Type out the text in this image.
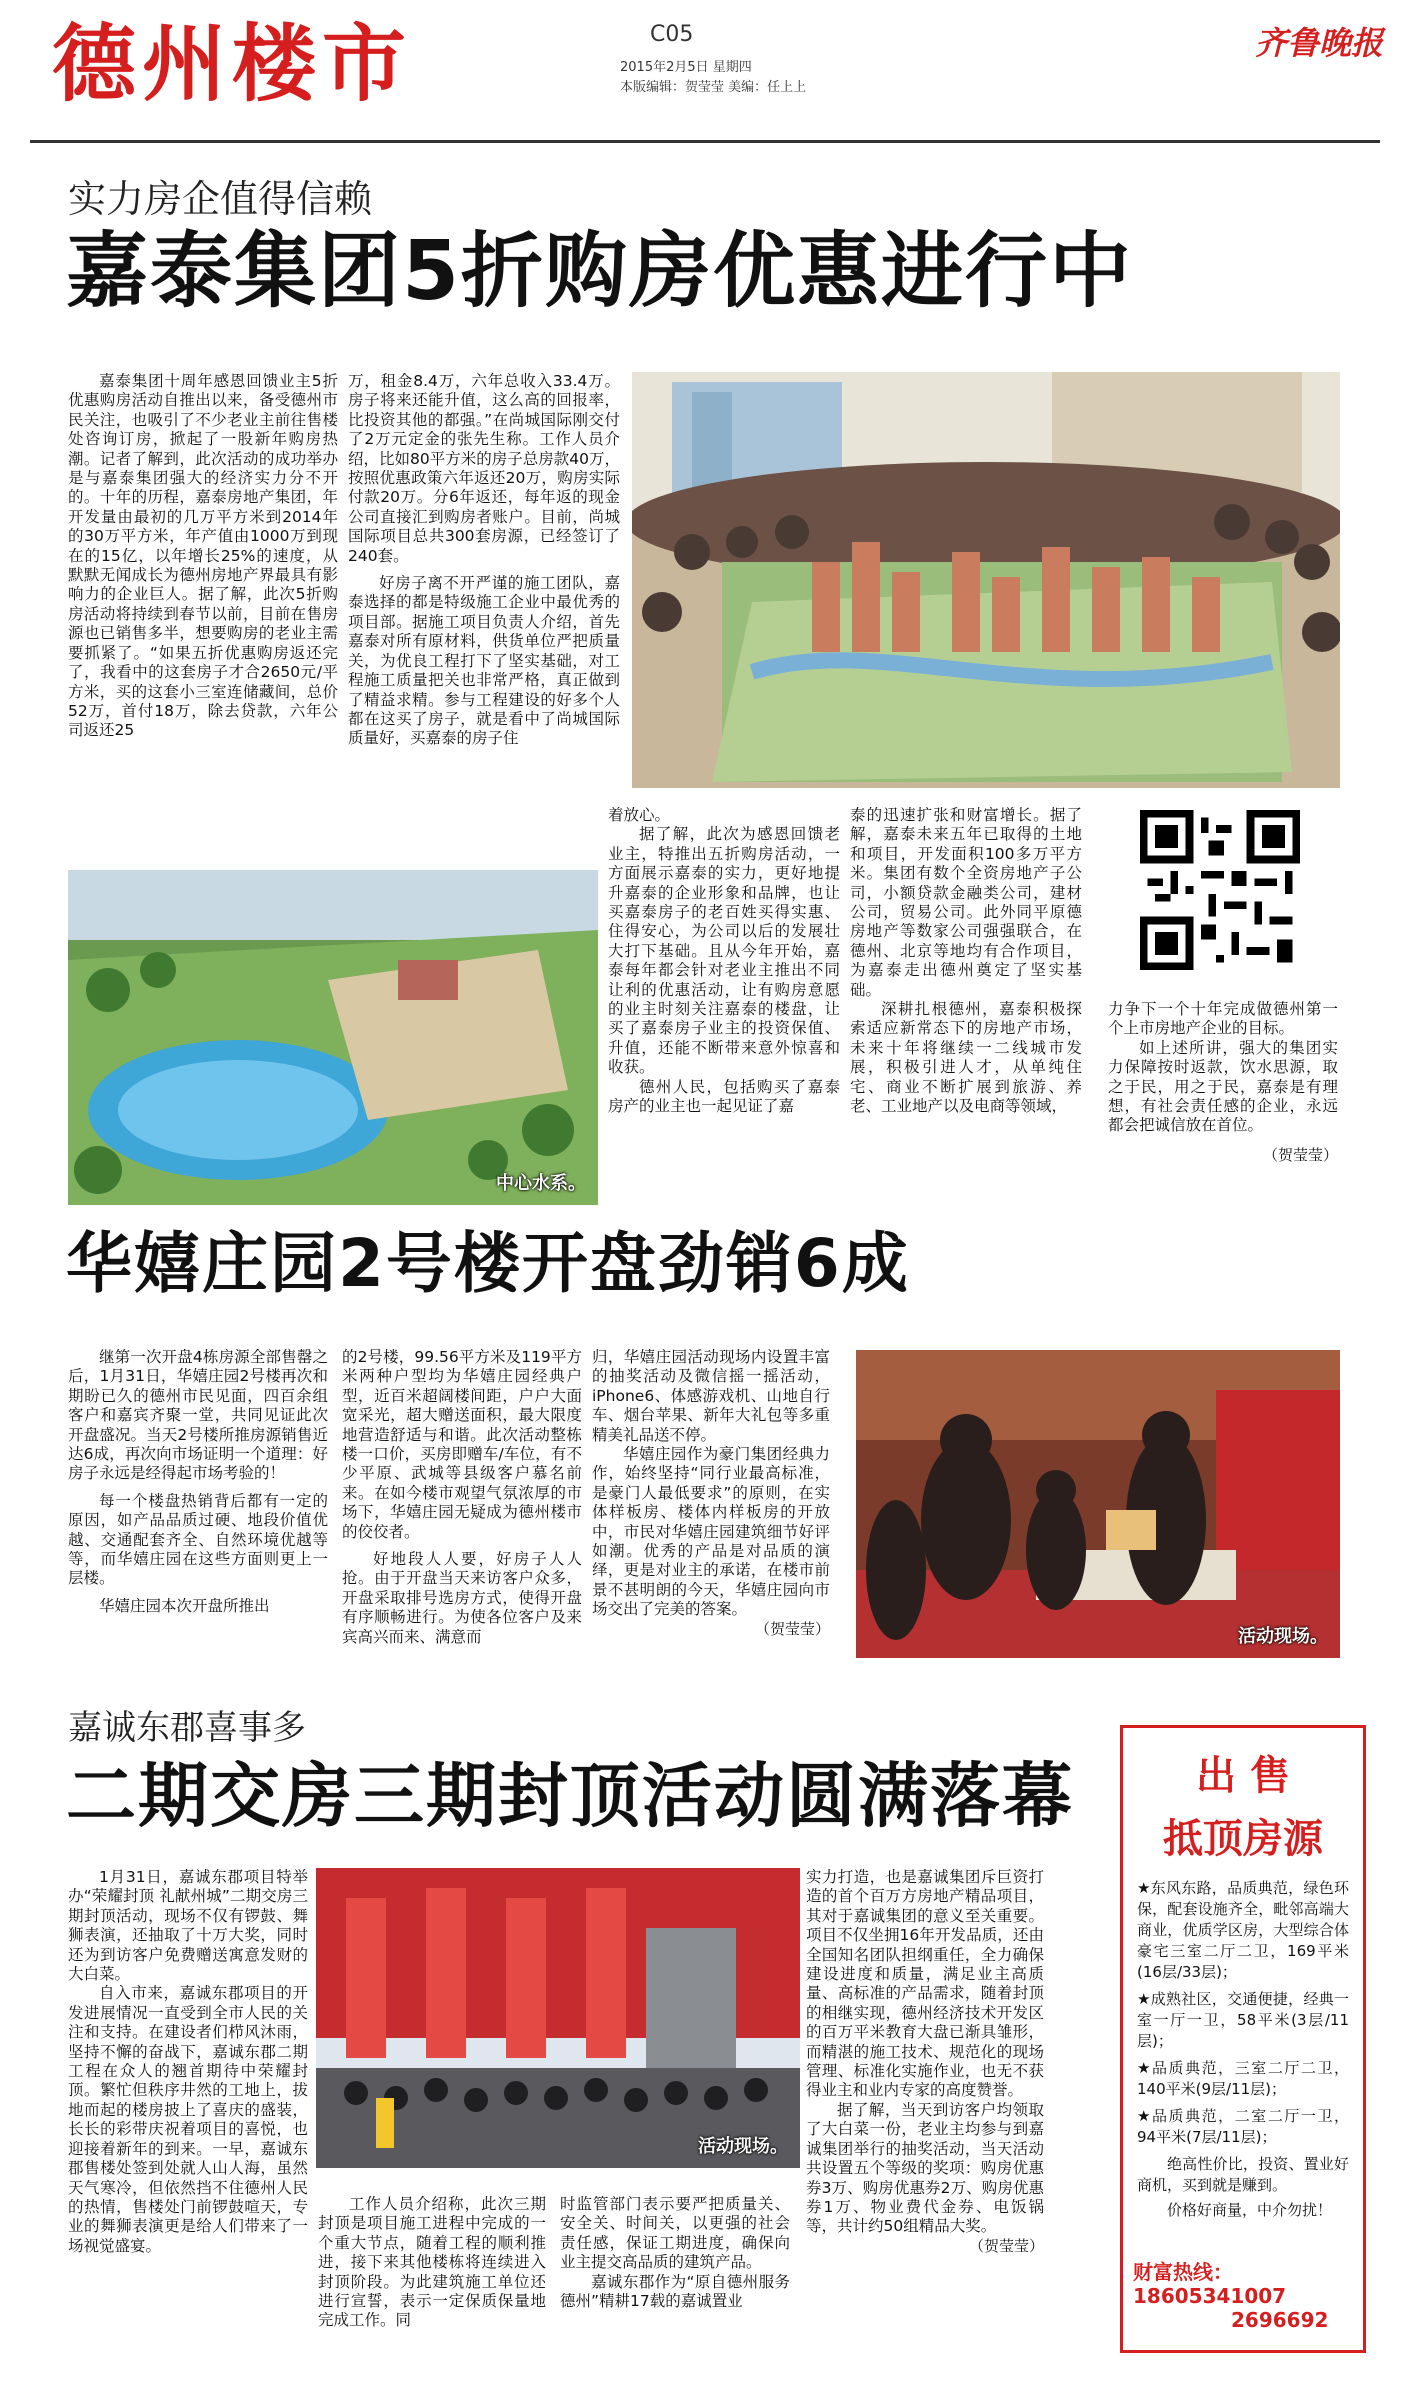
德州楼市	C05
2015年2月5日 星期四
本版编辑：贺莹莹 美编：任上上
齐鲁晚报
实力房企值得信赖
嘉泰集团5折购房优惠进行中

嘉泰集团十周年感恩回馈业主5折优惠购房活动自推出以来，备受德州市民关注，也吸引了不少老业主前往售楼处咨询订房，掀起了一股新年购房热潮。记者了解到，此次活动的成功举办是与嘉泰集团强大的经济实力分不开的。十年的历程，嘉泰房地产集团，年开发量由最初的几万平方米到2014年的30万平方米，年产值由1000万到现在的15亿，以年增长25%的速度，从默默无闻成长为德州房地产界最具有影响力的企业巨人。据了解，此次5折购房活动将持续到春节以前，目前在售房源也已销售多半，想要购房的老业主需要抓紧了。“如果五折优惠购房返还完了，我看中的这套房子才合2650元/平方米，买的这套小三室连储藏间，总价52万，首付18万，除去贷款，六年公司返还25

万，租金8.4万，六年总收入33.4万。房子将来还能升值，这么高的回报率，比投资其他的都强。”在尚城国际刚交付了2万元定金的张先生称。工作人员介绍，比如80平方米的房子总房款40万，按照优惠政策六年返还20万，购房实际付款20万。分6年返还，每年返的现金公司直接汇到购房者账户。目前，尚城国际项目总共300套房源，已经签订了240套。

好房子离不开严谨的施工团队，嘉泰选择的都是特级施工企业中最优秀的项目部。据施工项目负责人介绍，首先嘉泰对所有原材料，供货单位严把质量关，为优良工程打下了坚实基础，对工程施工质量把关也非常严格，真正做到了精益求精。参与工程建设的好多个人都在这买了房子，就是看中了尚城国际质量好，买嘉泰的房子住

中心水系。

着放心。

据了解，此次为感恩回馈老业主，特推出五折购房活动，一方面展示嘉泰的实力，更好地提升嘉泰的企业形象和品牌，也让买嘉泰房子的老百姓买得实惠、住得安心，为公司以后的发展壮大打下基础。且从今年开始，嘉泰每年都会针对老业主推出不同让利的优惠活动，让有购房意愿的业主时刻关注嘉泰的楼盘，让买了嘉泰房子业主的投资保值、升值，还能不断带来意外惊喜和收获。

德州人民，包括购买了嘉泰房产的业主也一起见证了嘉

泰的迅速扩张和财富增长。据了解，嘉泰未来五年已取得的土地和项目，开发面积100多万平方米。集团有数个全资房地产子公司，小额贷款金融类公司，建材公司，贸易公司。此外同平原德房地产等数家公司强强联合，在德州、北京等地均有合作项目，为嘉泰走出德州奠定了坚实基础。

深耕扎根德州，嘉泰积极探索适应新常态下的房地产市场，未来十年将继续一二线城市发展，积极引进人才，从单纯住宅、商业不断扩展到旅游、养老、工业地产以及电商等领域，

力争下一个十年完成做德州第一个上市房地产企业的目标。

如上述所讲，强大的集团实力保障按时返款，饮水思源，取之于民，用之于民，嘉泰是有理想，有社会责任感的企业，永远都会把诚信放在首位。

（贺莹莹）
华嬉庄园2号楼开盘劲销6成

继第一次开盘4栋房源全部售罄之后，1月31日，华嬉庄园2号楼再次和期盼已久的德州市民见面，四百余组客户和嘉宾齐聚一堂，共同见证此次开盘盛况。当天2号楼所推房源销售近达6成，再次向市场证明一个道理：好房子永远是经得起市场考验的！

每一个楼盘热销背后都有一定的原因，如产品品质过硬、地段价值优越、交通配套齐全、自然环境优越等等，而华嬉庄园在这些方面则更上一层楼。

华嬉庄园本次开盘所推出

的2号楼，99.56平方米及119平方米两种户型均为华嬉庄园经典户型，近百米超阔楼间距，户户大面宽采光，超大赠送面积，最大限度地营造舒适与和谐。此次活动整栋楼一口价，买房即赠车/车位，有不少平原、武城等县级客户慕名前来。在如今楼市观望气氛浓厚的市场下，华嬉庄园无疑成为德州楼市的佼佼者。

好地段人人要，好房子人人抢。由于开盘当天来访客户众多，开盘采取排号选房方式，使得开盘有序顺畅进行。为使各位客户及来宾高兴而来、满意而

归，华嬉庄园活动现场内设置丰富的抽奖活动及微信摇一摇活动，iPhone6、体感游戏机、山地自行车、烟台苹果、新年大礼包等多重精美礼品送不停。

华嬉庄园作为豪门集团经典力作，始终坚持“同行业最高标准，是豪门人最低要求”的原则，在实体样板房、楼体内样板房的开放中，市民对华嬉庄园建筑细节好评如潮。优秀的产品是对品质的演绎，更是对业主的承诺，在楼市前景不甚明朗的今天，华嬉庄园向市场交出了完美的答案。

（贺莹莹）	活动现场。
嘉诚东郡喜事多
二期交房三期封顶活动圆满落幕

1月31日，嘉诚东郡项目特举办“荣耀封顶 礼献州城”二期交房三期封顶活动，现场不仅有锣鼓、舞狮表演，还抽取了十万大奖，同时还为到访客户免费赠送寓意发财的大白菜。

自入市来，嘉诚东郡项目的开发进展情况一直受到全市人民的关注和支持。在建设者们栉风沐雨，坚持不懈的奋战下，嘉诚东郡二期工程在众人的翘首期待中荣耀封顶。繁忙但秩序井然的工地上，拔地而起的楼房披上了喜庆的盛装，长长的彩带庆祝着项目的喜悦，也迎接着新年的到来。一早，嘉诚东郡售楼处签到处就人山人海，虽然天气寒冷，但依然挡不住德州人民的热情，售楼处门前锣鼓喧天，专业的舞狮表演更是给人们带来了一场视觉盛宴。

活动现场。

工作人员介绍称，此次三期封顶是项目施工进程中完成的一个重大节点，随着工程的顺利推进，接下来其他楼栋将连续进入封顶阶段。为此建筑施工单位还进行宣誓，表示一定保质保量地完成工作。同

时监管部门表示要严把质量关、安全关、时间关，以更强的社会责任感，保证工期进度，确保向业主提交高品质的建筑产品。

嘉诚东郡作为“原自德州服务德州”精耕17载的嘉诚置业

实力打造，也是嘉诚集团斥巨资打造的首个百万方房地产精品项目，其对于嘉诚集团的意义至关重要。项目不仅坐拥16年开发品质，还由全国知名团队担纲重任，全力确保建设进度和质量，满足业主高质量、高标准的产品需求，随着封顶的相继实现，德州经济技术开发区的百万平米教育大盘已渐具雏形，而精湛的施工技术、规范化的现场管理、标准化实施作业，也无不获得业主和业内专家的高度赞誉。

据了解，当天到访客户均领取了大白菜一份，老业主均参与到嘉诚集团举行的抽奖活动，当天活动共设置五个等级的奖项：购房优惠券3万、购房优惠券2万、购房优惠券1万、物业费代金券、电饭锅等，共计约50组精品大奖。

（贺莹莹）
出 售
抵顶房源

★东风东路，品质典范，绿色环保，配套设施齐全，毗邻高端大商业，优质学区房，大型综合体豪宅三室二厅二卫，169平米(16层/33层)；

★成熟社区，交通便捷，经典一室一厅一卫，58平米(3层/11层)；

★品质典范，三室二厅二卫，140平米(9层/11层)；

★品质典范，二室二厅一卫，94平米(7层/11层)；

绝高性价比，投资、置业好商机，买到就是赚到。

价格好商量，中介勿扰！

财富热线：18605341007
2696692
